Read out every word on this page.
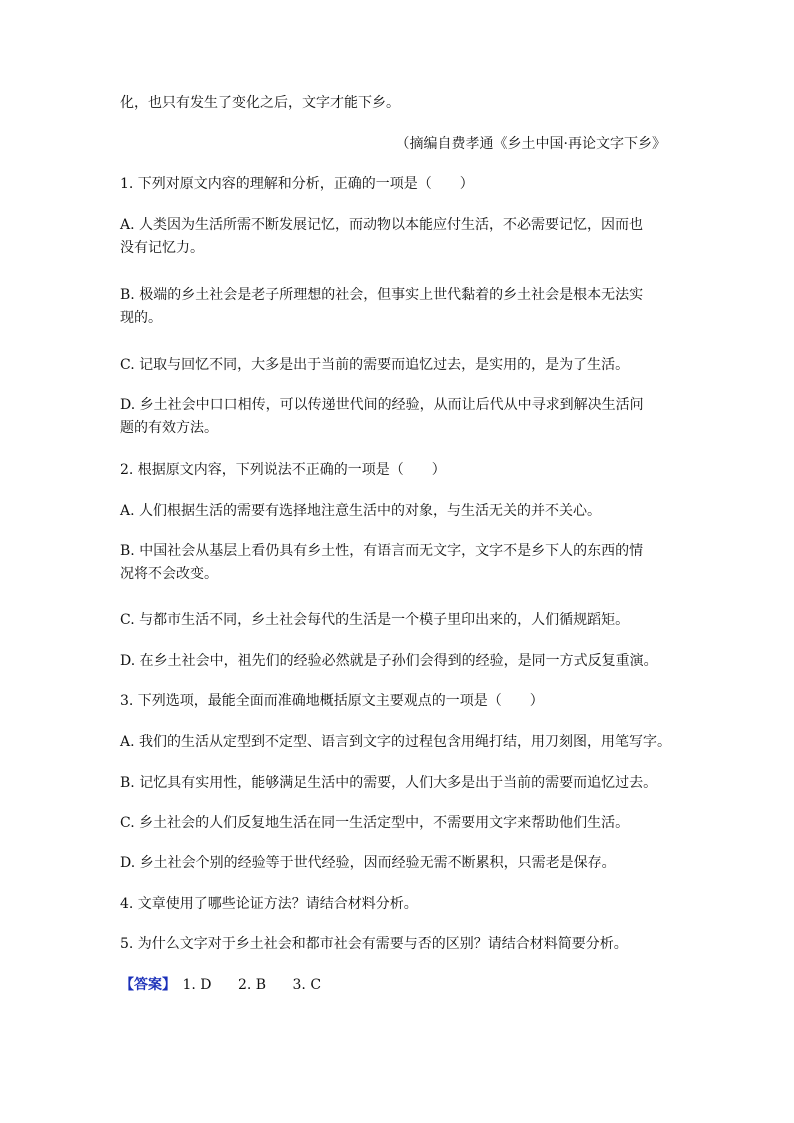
化，也只有发生了变化之后，文字才能下乡。
（摘编自费孝通《乡土中国·再论文字下乡》
1. 下列对原文内容的理解和分析，正确的一项是（　　）
A. 人类因为生活所需不断发展记忆，而动物以本能应付生活，不必需要记忆，因而也没有记忆力。
B. 极端的乡土社会是老子所理想的社会，但事实上世代黏着的乡土社会是根本无法实现的。
C. 记取与回忆不同，大多是出于当前的需要而追忆过去，是实用的，是为了生活。
D. 乡土社会中口口相传，可以传递世代间的经验，从而让后代从中寻求到解决生活问题的有效方法。
2. 根据原文内容，下列说法不正确的一项是（　　）
A. 人们根据生活的需要有选择地注意生活中的对象，与生活无关的并不关心。
B. 中国社会从基层上看仍具有乡土性，有语言而无文字，文字不是乡下人的东西的情况将不会改变。
C. 与都市生活不同，乡土社会每代的生活是一个模子里印出来的，人们循规蹈矩。
D. 在乡土社会中，祖先们的经验必然就是子孙们会得到的经验，是同一方式反复重演。
3. 下列选项，最能全面而准确地概括原文主要观点的一项是（　　）
A. 我们的生活从定型到不定型、语言到文字的过程包含用绳打结，用刀刻图，用笔写字。
B. 记忆具有实用性，能够满足生活中的需要，人们大多是出于当前的需要而追忆过去。
C. 乡土社会的人们反复地生活在同一生活定型中，不需要用文字来帮助他们生活。
D. 乡土社会个别的经验等于世代经验，因而经验无需不断累积，只需老是保存。
4. 文章使用了哪些论证方法？请结合材料分析。
5. 为什么文字对于乡土社会和都市社会有需要与否的区别？请结合材料简要分析。
【答案】 1. D 2. B 3. C
